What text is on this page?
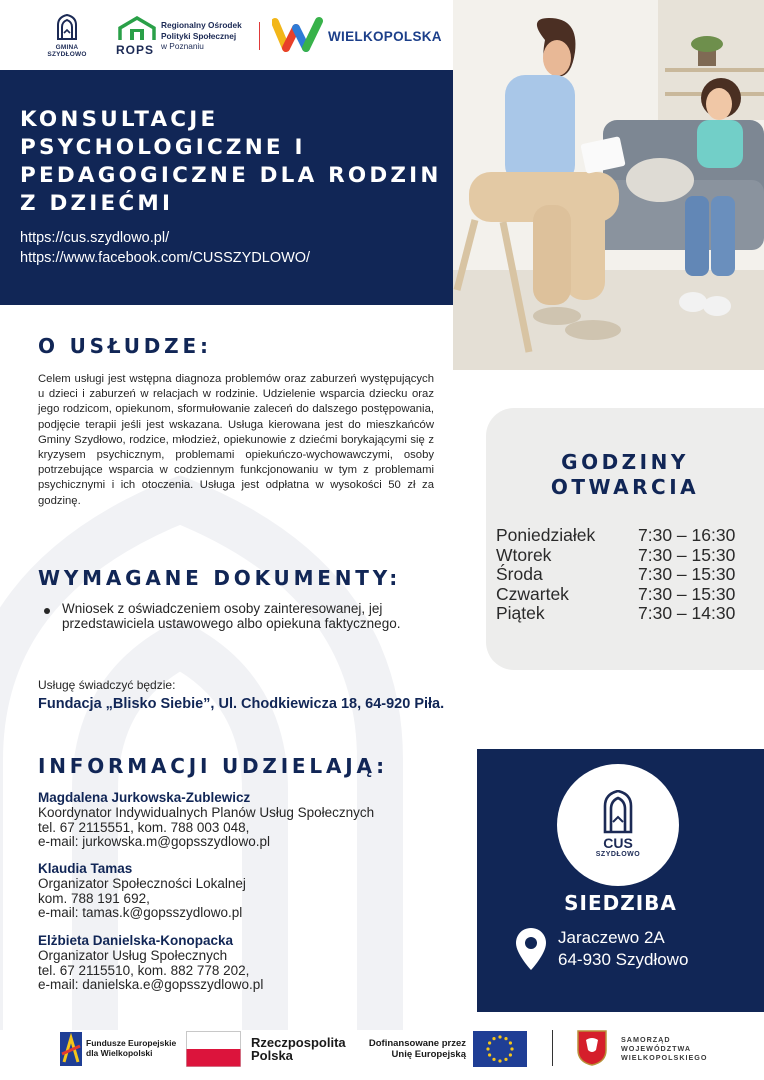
GMINA SZYDŁOWO ROPS
Regionalny Ośrodek
Polityki Społecznej
w Poznaniu
WIELKOPOLSKA
KONSULTACJE PSYCHOLOGICZNE I PEDAGOGICZNE DLA RODZIN Z DZIEĆMI
https://cus.szydlowo.pl/
https://www.facebook.com/CUSSZYDLOWO/
O USŁUDZE:
Celem usługi jest wstępna diagnoza problemów oraz zaburzeń występujących u dzieci i zaburzeń w relacjach w rodzinie. Udzielenie wsparcia dziecku oraz jego rodzicom, opiekunom, sformułowanie zaleceń do dalszego postępowania, podjęcie terapii jeśli jest wskazana. Usługa kierowana jest do mieszkańców Gminy Szydłowo, rodzice, młodzież, opiekunowie z dziećmi borykającymi się z kryzysem psychicznym, problemami opiekuńczo-wychowawczymi, osoby potrzebujące wsparcia w codziennym funkcjonowaniu w tym z problemami psychicznymi i ich otoczenia. Usługa jest odpłatna w wysokości 50 zł za godzinę.
GODZINY
OTWARCIA
Poniedziałek 7:30 – 16:30
Wtorek	7:30 – 15:30
Środa	7:30 – 15:30
Czwartek	7:30 – 15:30
Piątek	7:30 – 14:30
WYMAGANE DOKUMENTY:
Wniosek z oświadczeniem osoby zainteresowanej, jej przedstawiciela ustawowego albo opiekuna faktycznego.
Usługę świadczyć będzie:
Fundacja „Blisko Siebie”, Ul. Chodkiewicza 18, 64-920 Piła.
INFORMACJI UDZIELAJĄ:
Magdalena Jurkowska-Zublewicz
Koordynator Indywidualnych Planów Usług Społecznych
tel. 67 2115551, kom. 788 003 048,
e-mail: jurkowska.m@gopsszydlowo.pl
Klaudia Tamas
Organizator Społeczności Lokalnej
kom. 788 191 692,
e-mail: tamas.k@gopsszydlowo.pl
Elżbieta Danielska-Konopacka
Organizator Usług Społecznych
tel. 67 2115510, kom. 882 778 202,
e-mail: danielska.e@gopsszydlowo.pl
CUS
SZYDŁOWO
SIEDZIBA
Jaraczewo 2A
64-930 Szydłowo
Fundusze Europejskie
dla Wielkopolski
Rzeczpospolita
Polska
Dofinansowane przez
Unię Europejską
SAMORZĄD
WOJEWÓDZTWA
WIELKOPOLSKIEGO
